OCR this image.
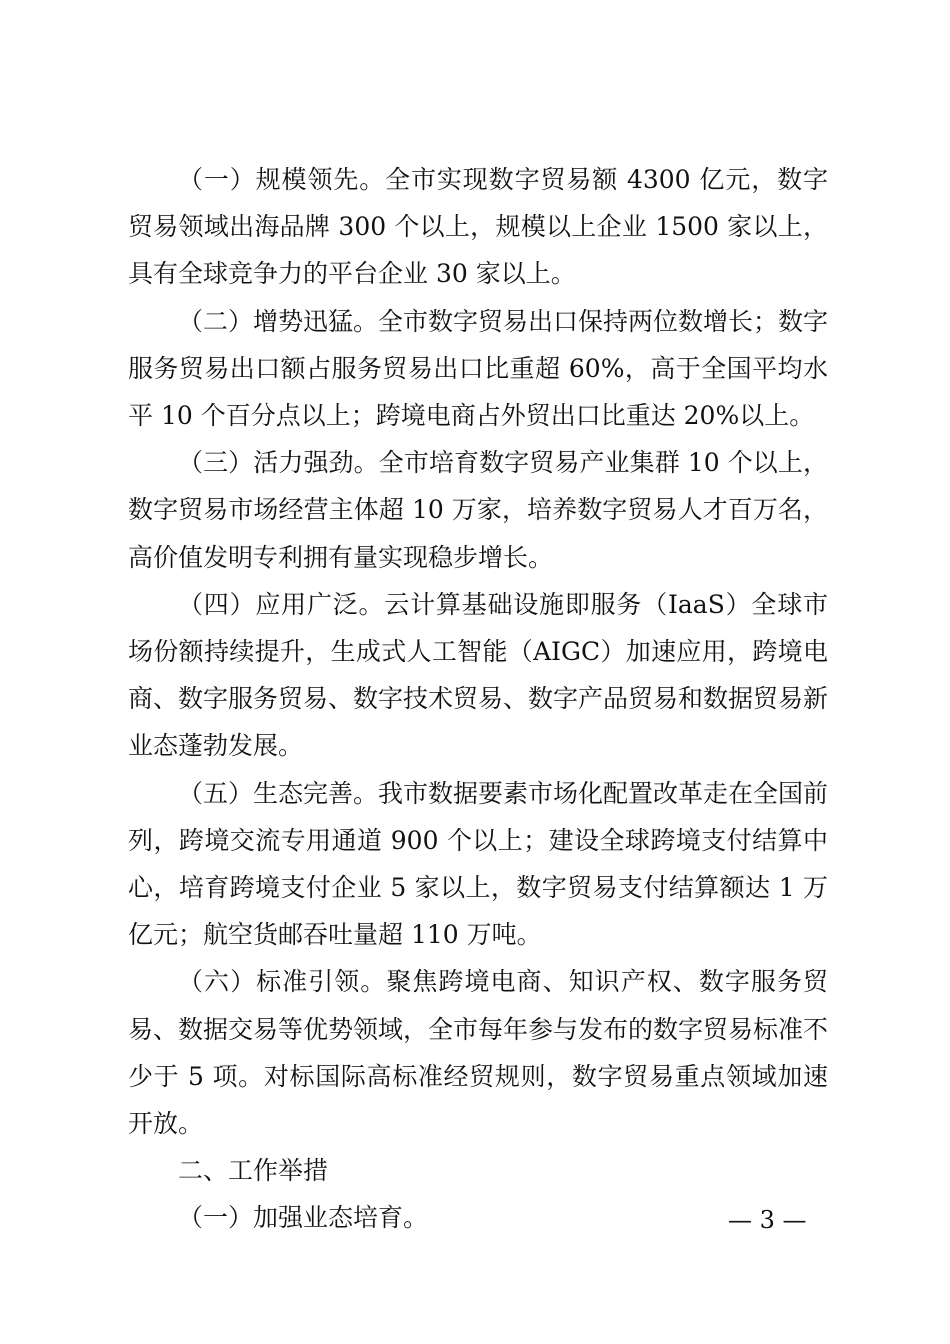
（一）规模领先。全市实现数字贸易额 4300 亿元，数字贸易领域出海品牌 300 个以上，规模以上企业 1500 家以上，具有全球竞争力的平台企业 30 家以上。

（二）增势迅猛。全市数字贸易出口保持两位数增长；数字服务贸易出口额占服务贸易出口比重超 60%，高于全国平均水平 10 个百分点以上；跨境电商占外贸出口比重达 20%以上。

（三）活力强劲。全市培育数字贸易产业集群 10 个以上，数字贸易市场经营主体超 10 万家，培养数字贸易人才百万名，高价值发明专利拥有量实现稳步增长。

（四）应用广泛。云计算基础设施即服务（IaaS）全球市场份额持续提升，生成式人工智能（AIGC）加速应用，跨境电商、数字服务贸易、数字技术贸易、数字产品贸易和数据贸易新业态蓬勃发展。

（五）生态完善。我市数据要素市场化配置改革走在全国前列，跨境交流专用通道 900 个以上；建设全球跨境支付结算中心，培育跨境支付企业 5 家以上，数字贸易支付结算额达 1 万亿元；航空货邮吞吐量超 110 万吨。

（六）标准引领。聚焦跨境电商、知识产权、数字服务贸易、数据交易等优势领域，全市每年参与发布的数字贸易标准不少于 5 项。对标国际高标准经贸规则，数字贸易重点领域加速开放。

二、工作举措

（一）加强业态培育。	— 3 —
